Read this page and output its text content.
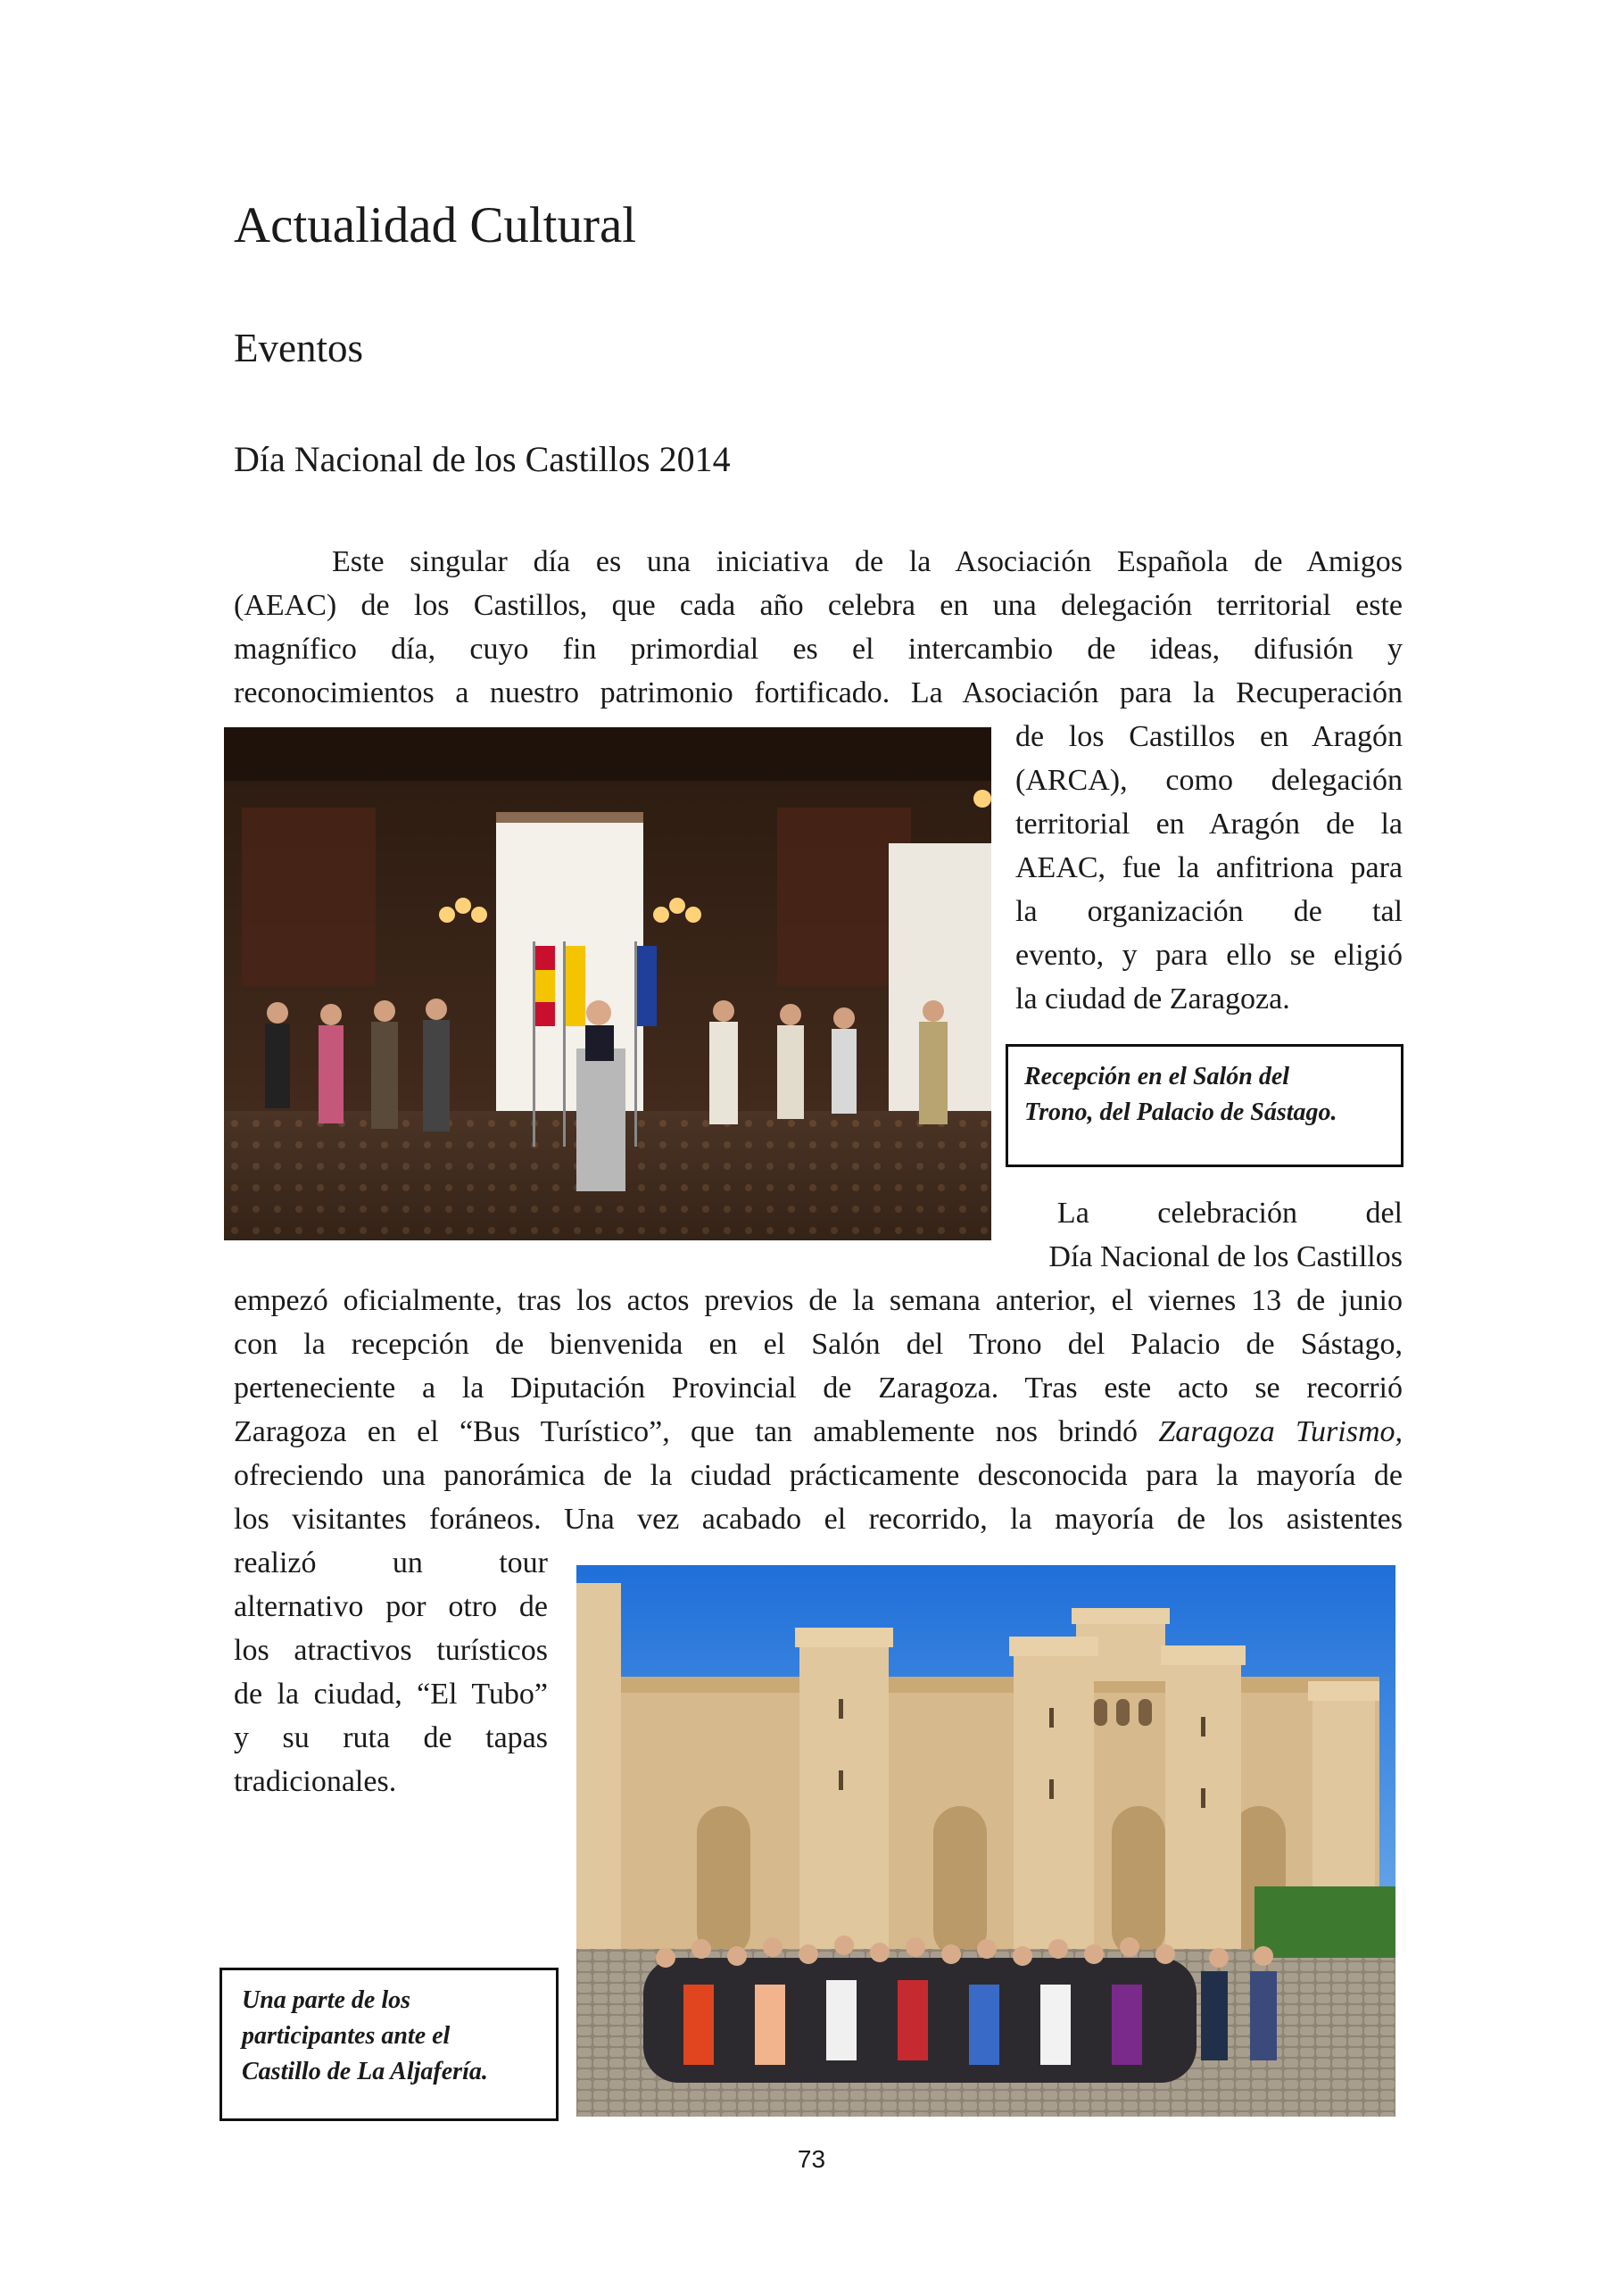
Actualidad Cultural
Eventos
Día Nacional de los Castillos 2014
Este singular día es una iniciativa de la Asociación Española de Amigos
(AEAC) de los Castillos, que cada año celebra en una delegación territorial este
magnífico día, cuyo fin primordial es el intercambio de ideas, difusión y
reconocimientos a nuestro patrimonio fortificado. La Asociación para la Recuperación
de los Castillos en Aragón
(ARCA), como delegación
territorial en Aragón de la
AEAC, fue la anfitriona para
la organización de tal
evento, y para ello se eligió
la ciudad de Zaragoza.
Recepción en el Salón del
Trono, del Palacio de Sástago.
La celebración del
Día Nacional de los Castillos
empezó oficialmente, tras los actos previos de la semana anterior, el viernes 13 de junio
con la recepción de bienvenida en el Salón del Trono del Palacio de Sástago,
perteneciente a la Diputación Provincial de Zaragoza. Tras este acto se recorrió
Zaragoza en el “Bus Turístico”, que tan amablemente nos brindó Zaragoza Turismo,
ofreciendo una panorámica de la ciudad prácticamente desconocida para la mayoría de
los visitantes foráneos. Una vez acabado el recorrido, la mayoría de los asistentes
realizó un tour
alternativo por otro de
los atractivos turísticos
de la ciudad, “El Tubo”
y su ruta de tapas
tradicionales.
Una parte de los
participantes ante el
Castillo de La Aljafería.
73
